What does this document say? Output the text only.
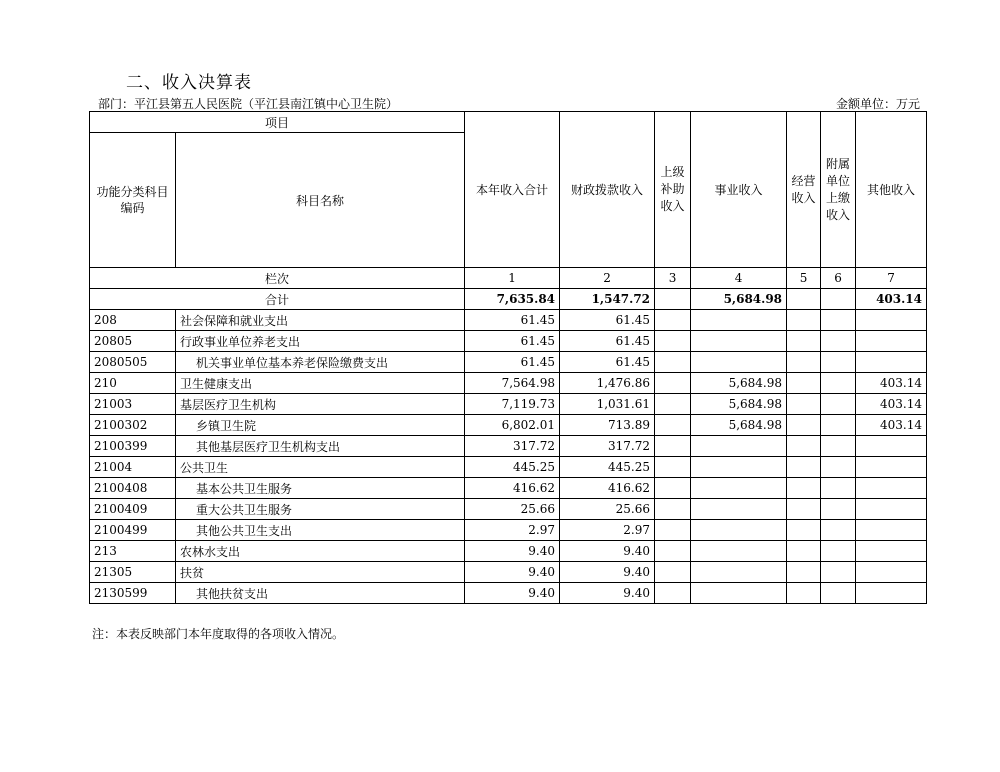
二、收入决算表
部门：平江县第五人民医院（平江县南江镇中心卫生院）	金额单位：万元
项目		本年收入合计	财政拨款收入	上级补助收入	事业收入	经营收入	附属单位上缴收入	其他收入
功能分类科目编码	科目名称							
栏次		1	2	3	4	5	6	7
合计		7,635.84	1,547.72		5,684.98			403.14
208	社会保障和就业支出	61.45	61.45					
20805	行政事业单位养老支出	61.45	61.45					
2080505	机关事业单位基本养老保险缴费支出	61.45	61.45					
210	卫生健康支出	7,564.98	1,476.86		5,684.98			403.14
21003	基层医疗卫生机构	7,119.73	1,031.61		5,684.98			403.14
2100302	乡镇卫生院	6,802.01	713.89		5,684.98			403.14
2100399	其他基层医疗卫生机构支出	317.72	317.72					
21004	公共卫生	445.25	445.25					
2100408	基本公共卫生服务	416.62	416.62					
2100409	重大公共卫生服务	25.66	25.66					
2100499	其他公共卫生支出	2.97	2.97					
213	农林水支出	9.40	9.40					
21305	扶贫	9.40	9.40					
2130599	其他扶贫支出	9.40	9.40					
注：本表反映部门本年度取得的各项收入情况。
